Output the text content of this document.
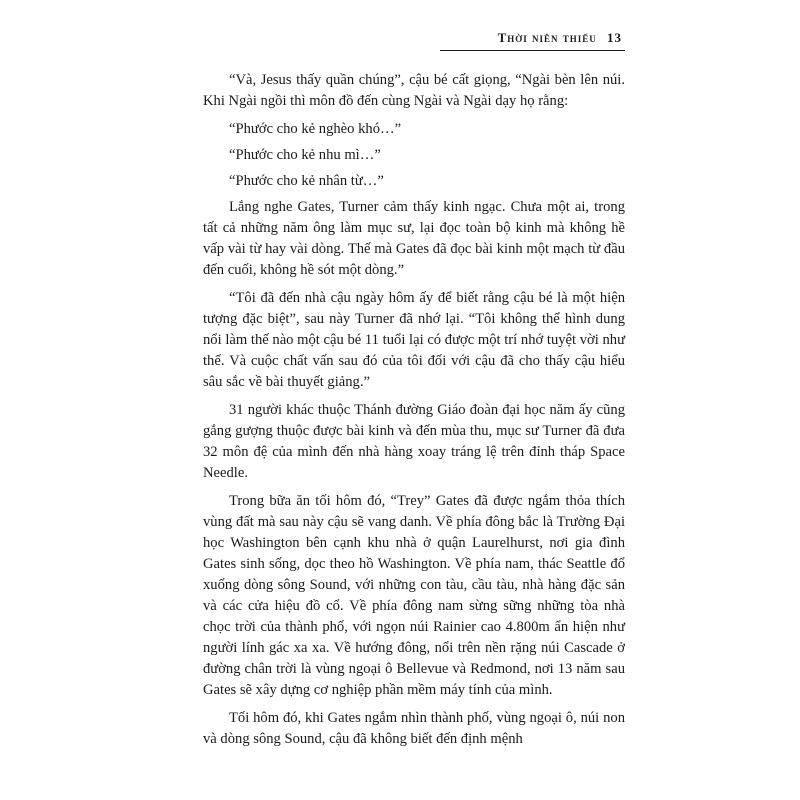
Thời niên thiếu 13

“Và, Jesus thấy quần chúng”, cậu bé cất giọng, “Ngài bèn lên núi. Khi Ngài ngồi thì môn đồ đến cùng Ngài và Ngài dạy họ rằng:

“Phước cho kẻ nghèo khó…”

“Phước cho kẻ nhu mì…”

“Phước cho kẻ nhân từ…”

Lắng nghe Gates, Turner cảm thấy kinh ngạc. Chưa một ai, trong tất cả những năm ông làm mục sư, lại đọc toàn bộ kinh mà không hề vấp vài từ hay vài dòng. Thế mà Gates đã đọc bài kinh một mạch từ đầu đến cuối, không hề sót một dòng.”

“Tôi đã đến nhà cậu ngày hôm ấy để biết rằng cậu bé là một hiện tượng đặc biệt”, sau này Turner đã nhớ lại. “Tôi không thể hình dung nổi làm thế nào một cậu bé 11 tuổi lại có được một trí nhớ tuyệt vời như thế. Và cuộc chất vấn sau đó của tôi đối với cậu đã cho thấy cậu hiểu sâu sắc về bài thuyết giảng.”

31 người khác thuộc Thánh đường Giáo đoàn đại học năm ấy cũng gắng gượng thuộc được bài kinh và đến mùa thu, mục sư Turner đã đưa 32 môn đệ của mình đến nhà hàng xoay tráng lệ trên đỉnh tháp Space Needle.

Trong bữa ăn tối hôm đó, “Trey” Gates đã được ngắm thỏa thích vùng đất mà sau này cậu sẽ vang danh. Về phía đông bắc là Trường Đại học Washington bên cạnh khu nhà ở quận Laurelhurst, nơi gia đình Gates sinh sống, dọc theo hồ Washington. Về phía nam, thác Seattle đổ xuống dòng sông Sound, với những con tàu, cầu tàu, nhà hàng đặc sản và các cửa hiệu đồ cổ. Về phía đông nam sừng sững những tòa nhà chọc trời của thành phố, với ngọn núi Rainier cao 4.800m ẩn hiện như người lính gác xa xa. Về hướng đông, nổi trên nền rặng núi Cascade ở đường chân trời là vùng ngoại ô Bellevue và Redmond, nơi 13 năm sau Gates sẽ xây dựng cơ nghiệp phần mềm máy tính của mình.

Tối hôm đó, khi Gates ngắm nhìn thành phố, vùng ngoại ô, núi non và dòng sông Sound, cậu đã không biết đến định mệnh
